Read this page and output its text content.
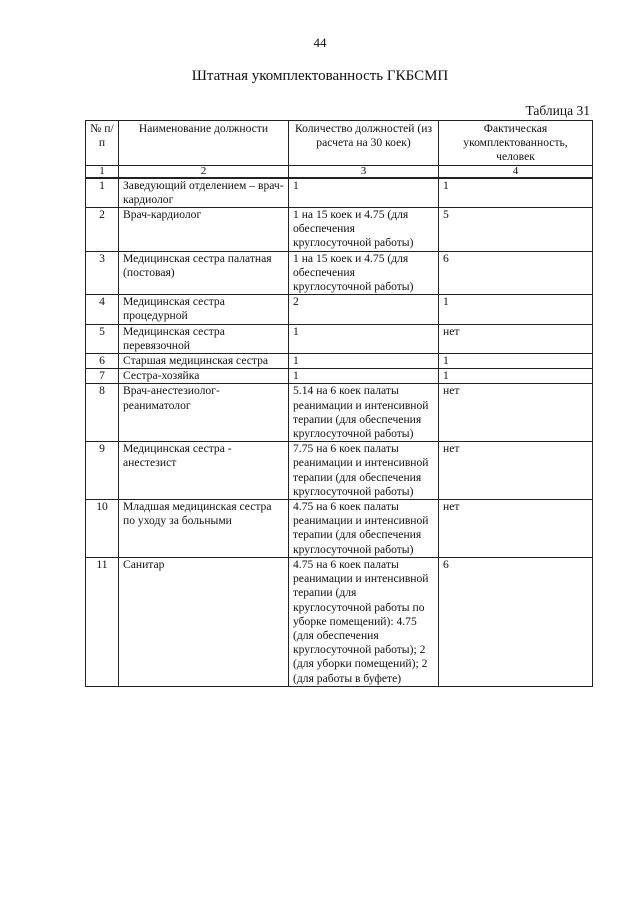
44
Штатная укомплектованность ГКБСМП
Таблица 31
№ п/п	Наименование должности	Количество должностей (из расчета на 30 коек)	Фактическая укомплектованность, человек
1	2	3	4
1	Заведующий отделением – врач-кардиолог	1	1
2	Врач-кардиолог	1 на 15 коек и 4.75 (для обеспечения круглосуточной работы)	5
3	Медицинская сестра палатная (постовая)	1 на 15 коек и 4.75 (для обеспечения круглосуточной работы)	6
4	Медицинская сестра процедурной	2	1
5	Медицинская сестра перевязочной	1	нет
6	Старшая медицинская сестра	1	1
7	Сестра-хозяйка	1	1
8	Врач-анестезиолог-реаниматолог	5.14 на 6 коек палаты реанимации и интенсивной терапии (для обеспечения круглосуточной работы)	нет
9	Медицинская сестра - анестезист	7.75 на 6 коек палаты реанимации и интенсивной терапии (для обеспечения круглосуточной работы)	нет
10	Младшая медицинская сестра по уходу за больными	4.75 на 6 коек палаты реанимации и интенсивной терапии (для обеспечения круглосуточной работы)	нет
11	Санитар	4.75 на 6 коек палаты реанимации и интенсивной терапии (для круглосуточной работы по уборке помещений): 4.75 (для обеспечения круглосуточной работы); 2 (для уборки помещений); 2 (для работы в буфете)	6
